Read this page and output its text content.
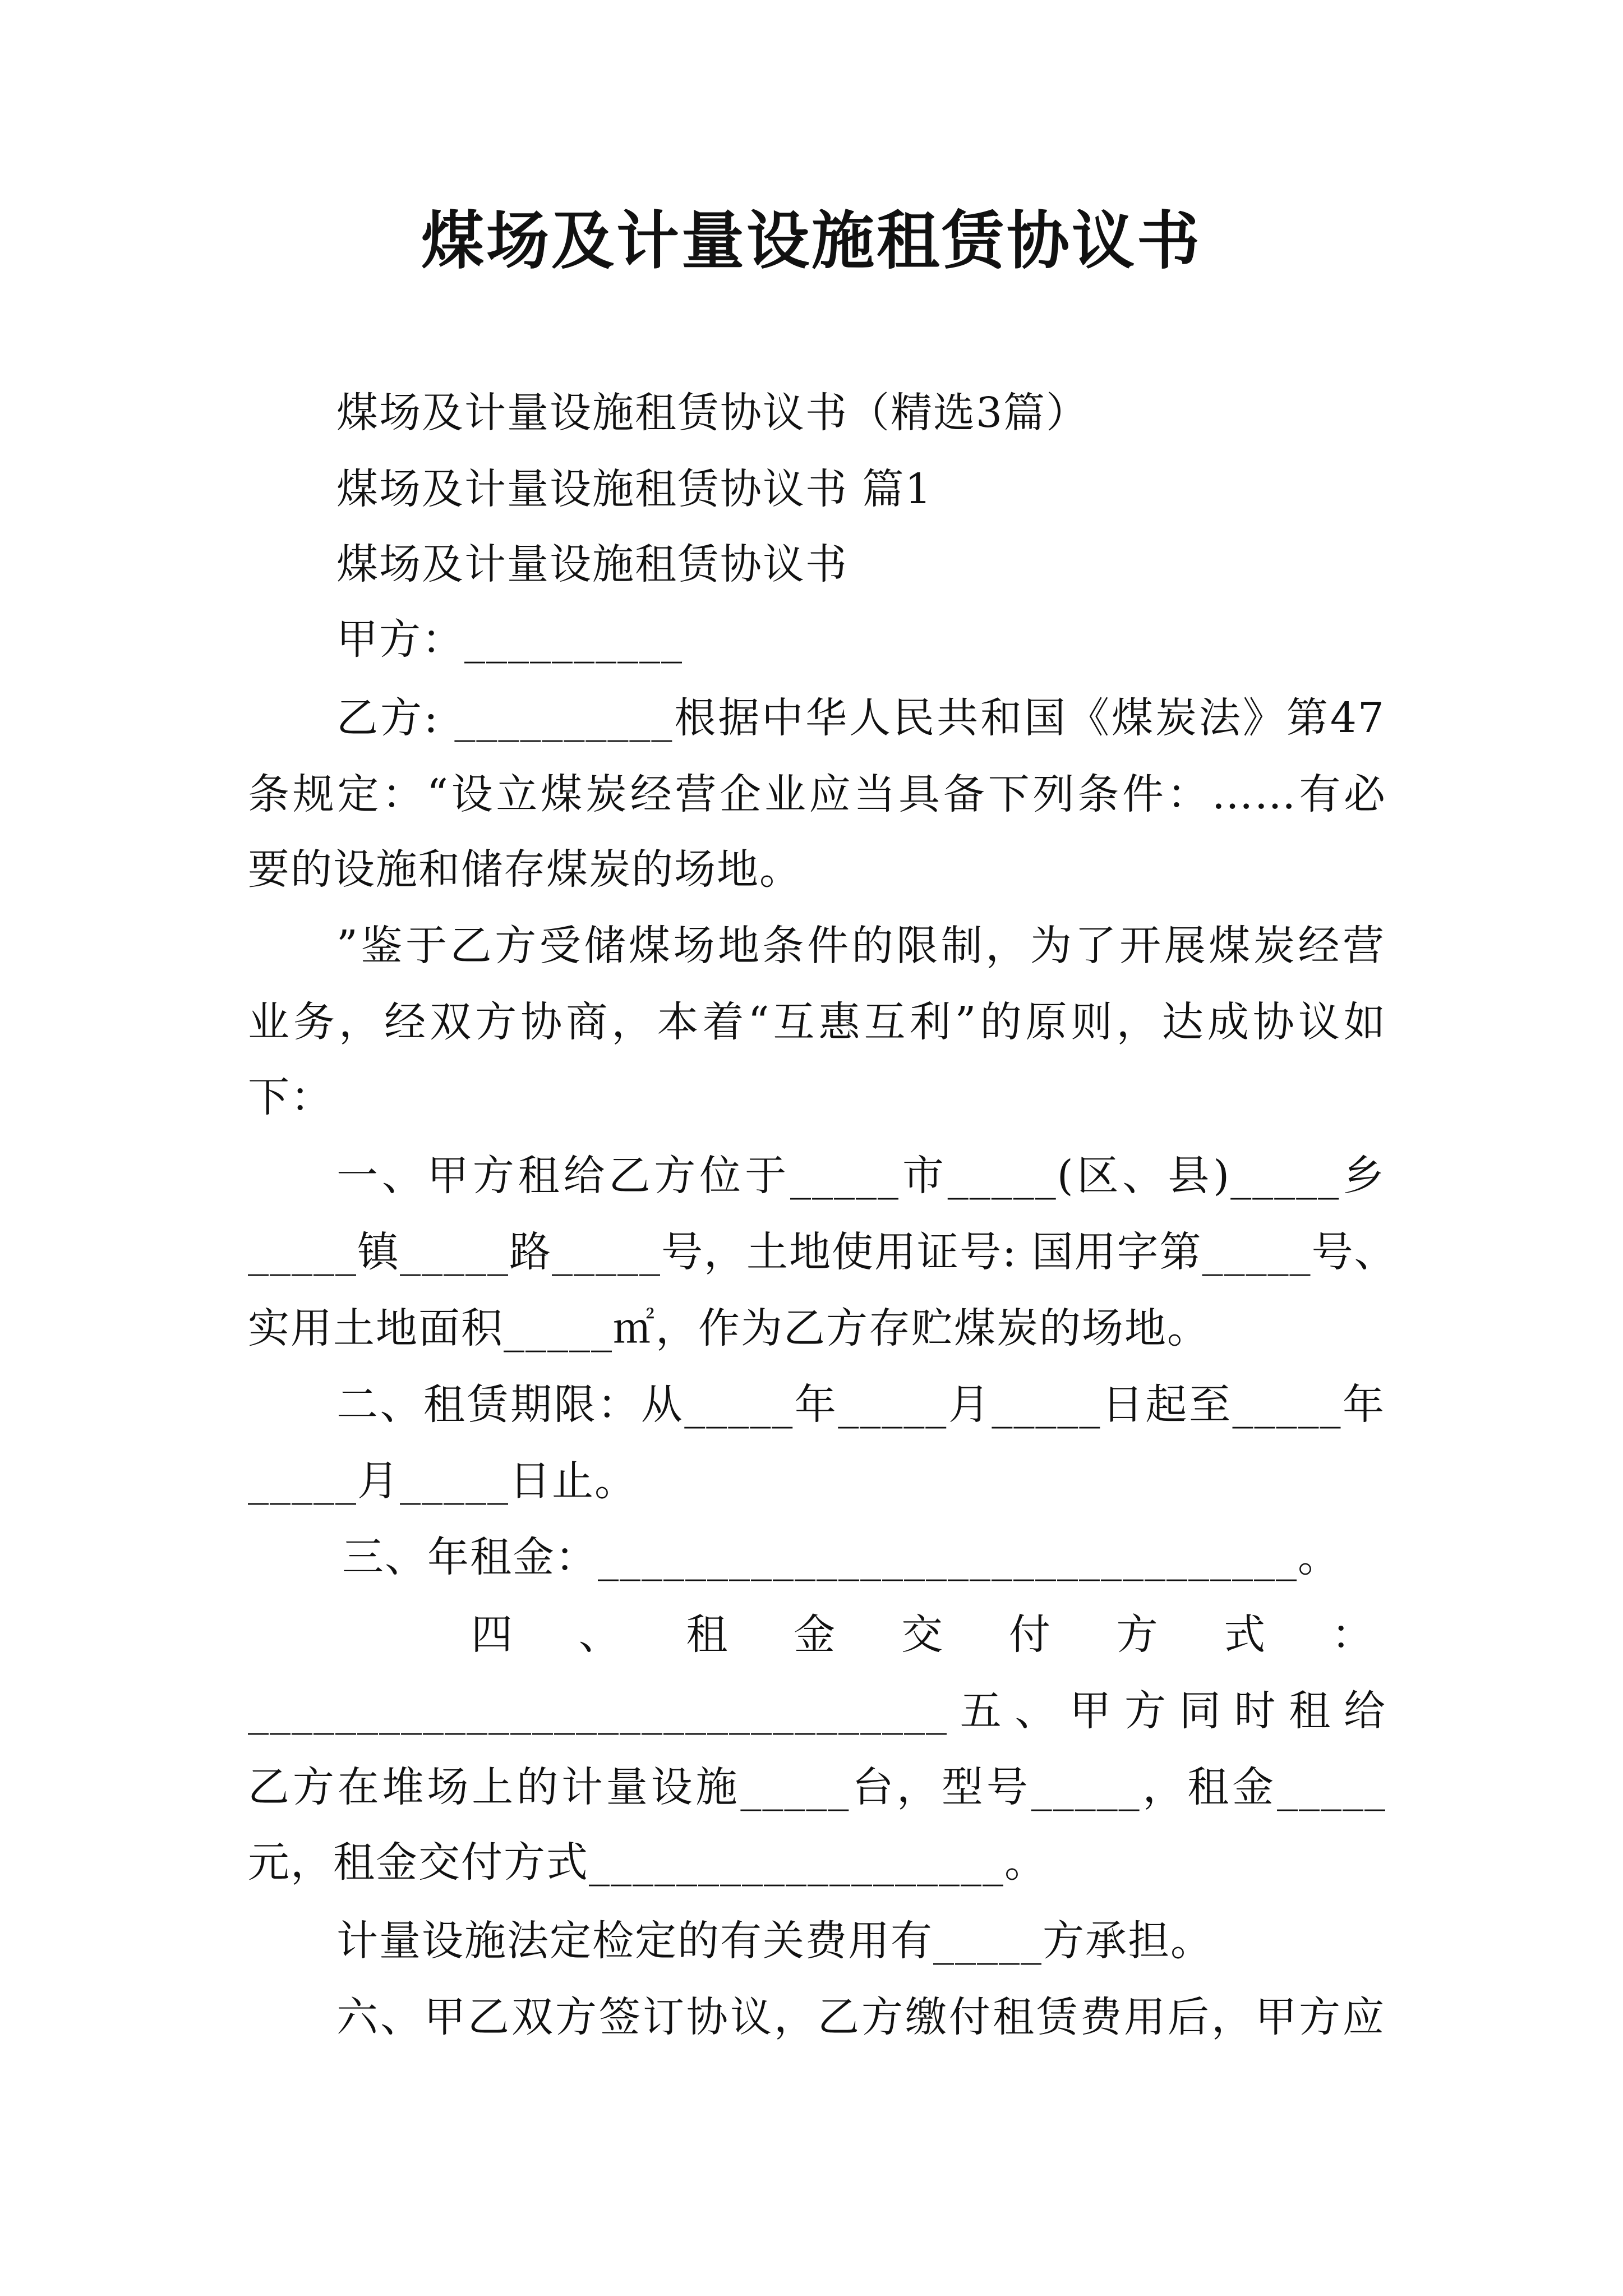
煤场及计量设施租赁协议书
煤场及计量设施租赁协议书（精选3篇）
煤场及计量设施租赁协议书 篇1
煤场及计量设施租赁协议书
甲方：__________
乙方: __________根据中华人民共和国《煤炭法》第47
条规定：“设立煤炭经营企业应当具备下列条件：……有必
要的设施和储存煤炭的场地。
”鉴于乙方受储煤场地条件的限制，为了开展煤炭经营
业务，经双方协商，本着“互惠互利”的原则，达成协议如
下：
一、甲方租给乙方位于_____市_____(区、县)_____乡
_____镇_____路_____号，土地使用证号: 国用字第_____号、
实用土地面积_____㎡，作为乙方存贮煤炭的场地。
二、租赁期限：从_____年_____月_____日起至_____年
_____月_____日止。
三、年租金：________________________________。
四 、 租 金 交 付 方 式 ：
________________________________五、甲方同时租给
乙方在堆场上的计量设施_____台，型号_____，租金_____
元，租金交付方式___________________。
计量设施法定检定的有关费用有_____方承担。
六、甲乙双方签订协议，乙方缴付租赁费用后，甲方应
